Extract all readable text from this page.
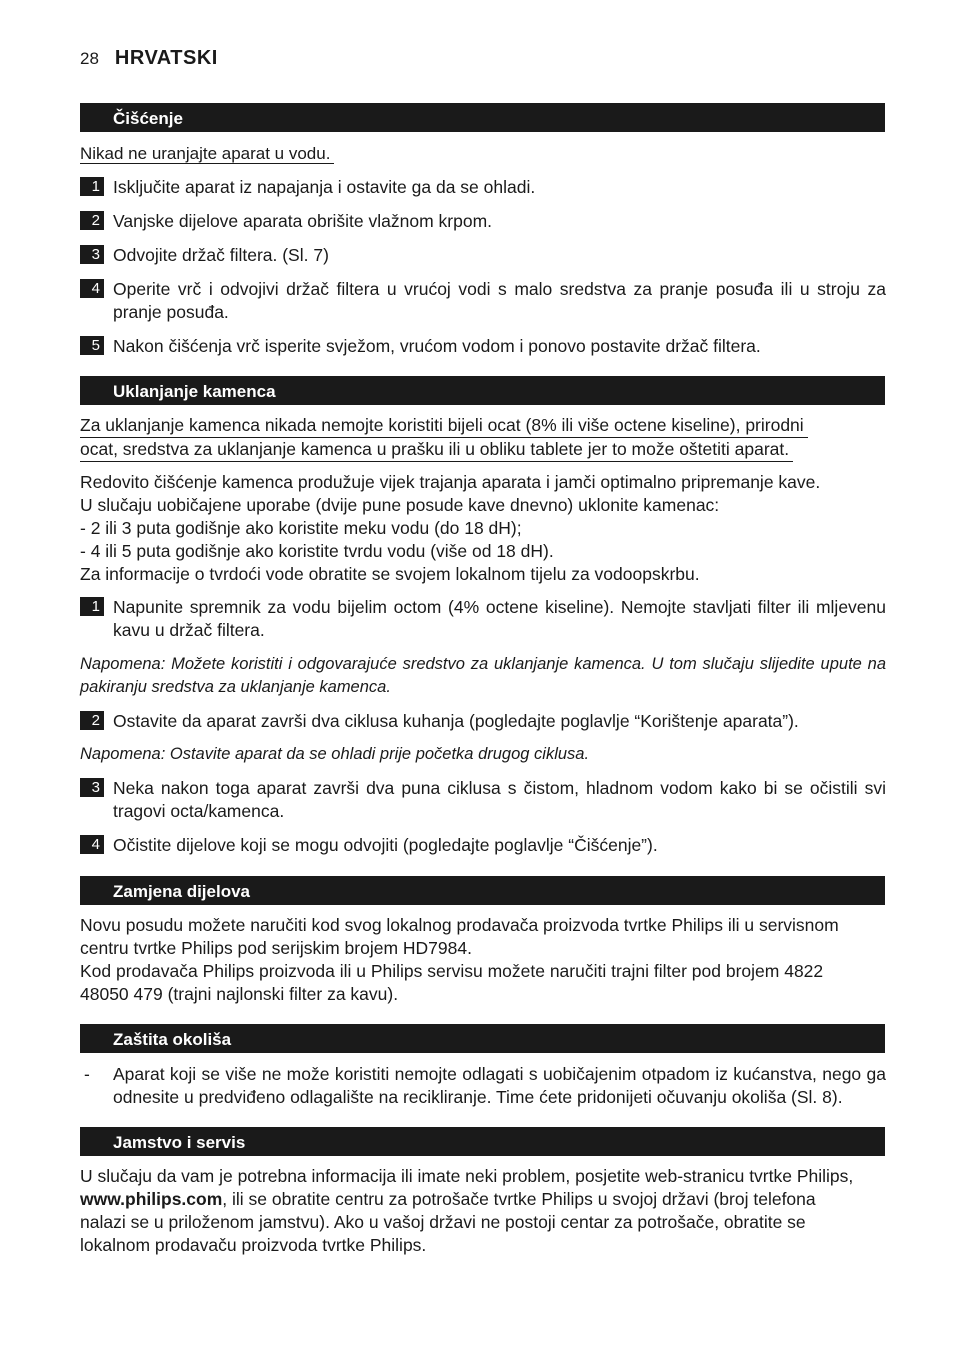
28 HRVATSKI
Čišćenje
Nikad ne uranjajte aparat u vodu.
1 Isključite aparat iz napajanja i ostavite ga da se ohladi.
2 Vanjske dijelove aparata obrišite vlažnom krpom.
3 Odvojite držač filtera. (Sl. 7)
4 Operite vrč i odvojivi držač filtera u vrućoj vodi s malo sredstva za pranje posuđa ili u stroju za pranje posuđa.
5 Nakon čišćenja vrč isperite svježom, vrućom vodom i ponovo postavite držač filtera.
Uklanjanje kamenca
Za uklanjanje kamenca nikada nemojte koristiti bijeli ocat (8% ili više octene kiseline), prirodni
ocat, sredstva za uklanjanje kamenca u prašku ili u obliku tablete jer to može oštetiti aparat.
Redovito čišćenje kamenca produžuje vijek trajanja aparata i jamči optimalno pripremanje kave.
U slučaju uobičajene uporabe (dvije pune posude kave dnevno) uklonite kamenac:
- 2 ili 3 puta godišnje ako koristite meku vodu (do 18 dH);
- 4 ili 5 puta godišnje ako koristite tvrdu vodu (više od 18 dH).
Za informacije o tvrdoći vode obratite se svojem lokalnom tijelu za vodoopskrbu.
1 Napunite spremnik za vodu bijelim octom (4% octene kiseline). Nemojte stavljati filter ili mljevenu kavu u držač filtera.
Napomena: Možete koristiti i odgovarajuće sredstvo za uklanjanje kamenca. U tom slučaju slijedite upute na pakiranju sredstva za uklanjanje kamenca.
2 Ostavite da aparat završi dva ciklusa kuhanja (pogledajte poglavlje “Korištenje aparata”).
Napomena: Ostavite aparat da se ohladi prije početka drugog ciklusa.
3 Neka nakon toga aparat završi dva puna ciklusa s čistom, hladnom vodom kako bi se očistili svi tragovi octa/kamenca.
4 Očistite dijelove koji se mogu odvojiti (pogledajte poglavlje “Čišćenje”).
Zamjena dijelova
Novu posudu možete naručiti kod svog lokalnog prodavača proizvoda tvrtke Philips ili u servisnom
centru tvrtke Philips pod serijskim brojem HD7984.
Kod prodavača Philips proizvoda ili u Philips servisu možete naručiti trajni filter pod brojem 4822
48050 479 (trajni najlonski filter za kavu).
Zaštita okoliša
- Aparat koji se više ne može koristiti nemojte odlagati s uobičajenim otpadom iz kućanstva, nego ga odnesite u predviđeno odlagalište na recikliranje. Time ćete pridonijeti očuvanju okoliša (Sl. 8).
Jamstvo i servis
U slučaju da vam je potrebna informacija ili imate neki problem, posjetite web-stranicu tvrtke Philips,
www.philips.com, ili se obratite centru za potrošače tvrtke Philips u svojoj državi (broj telefona
nalazi se u priloženom jamstvu). Ako u vašoj državi ne postoji centar za potrošače, obratite se
lokalnom prodavaču proizvoda tvrtke Philips.
